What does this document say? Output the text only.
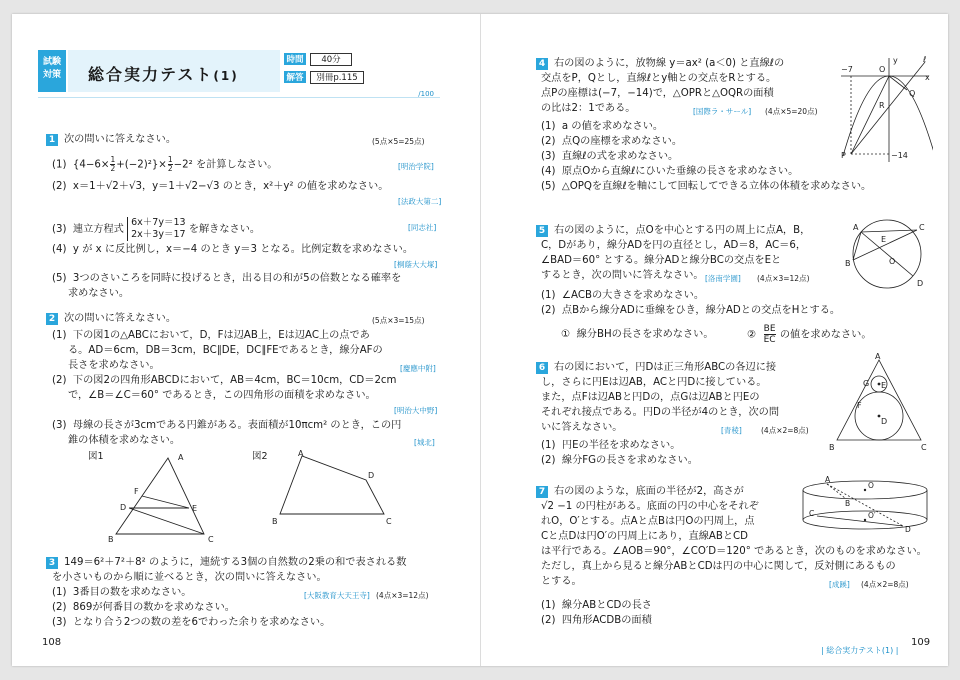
試験
対策	総合実力テスト(1)
時間 40分
解答 別冊p.115
/100
1 次の問いに答えなさい。	(5点×5=25点)
(1) $\{4-6\times \frac{1}{2} +(-2)^2\}\times \frac{1}{2} -2^2$ を計算しなさい。	[明治学院]
(2) x＝1＋√2＋√3，y＝1＋√2−√3 のとき，x²＋y² の値を求めなさい。
[法政大第二]
(3) 連立方程式
6x＋7y＝13
2x＋3y＝17 を解きなさい。	[同志社]
(4) y が x に反比例し，x＝−4 のとき y＝3 となる。比例定数を求めなさい。
[桐蔭大大塚]
(5) 3つのさいころを同時に投げるとき，出る目の和が5の倍数となる確率を
求めなさい。
2 次の問いに答えなさい。	(5点×3=15点)
(1) 下の図1の△ABCにおいて，D，Fは辺AB上，Eは辺AC上の点であ
る。AD＝6cm，DB＝3cm，BC∥DE，DC∥FEであるとき，線分AFの
長さを求めなさい。	[慶應中附]
(2) 下の図2の四角形ABCDにおいて，AB＝4cm，BC＝10cm，CD＝2cm
で，∠B＝∠C＝60° であるとき，この四角形の面積を求めなさい。
[明治大中野]
(3) 母線の長さが3cmである円錐がある。表面積が10πcm² のとき，この円
錐の体積を求めなさい。	[城北]
図1	A
B	C
D	E
F
図2	A
B	C
D
3 149＝6²＋7²＋8² のように，連続する3個の自然数の2乗の和で表される数
を小さいものから順に並べるとき，次の問いに答えなさい。
(1) 3番目の数を求めなさい。	[大阪教育大天王寺] (4点×3=12点)
(2) 869が何番目の数かを求めなさい。
(3) となり合う2つの数の差を6でわった余りを求めなさい。
108
4 右の図のように，放物線 y＝ax² (a＜0) と直線ℓの
交点をP，Qとし，直線ℓとy軸との交点をRとする。
点Pの座標は(−7，−14)で，△OPRと△OQRの面積
の比は2：1である。	[国際ラ・サール] (4点×5=20点)
(1) a の値を求めなさい。
(2) 点Qの座標を求めなさい。
(3) 直線ℓの式を求めなさい。
(4) 原点Oから直線ℓにひいた垂線の長さを求めなさい。
(5) △OPQを直線ℓを軸にして回転してできる立体の体積を求めなさい。
−7	O
y	ℓ
x
R
Q
P	−14
5 右の図のように，点Oを中心とする円の周上に点A，B，
C，Dがあり，線分ADを円の直径とし，AD＝8，AC＝6，
∠BAD＝60° とする。線分ADと線分BCの交点をEと
するとき，次の問いに答えなさい。 [洛南学園] (4点×3=12点)
(1) ∠ACBの大きさを求めなさい。
(2) 点Bから線分ADに垂線をひき，線分ADとの交点をHとする。
① 線分BHの長さを求めなさい。	② $\frac{BE}{EC}$ の値を求めなさい。
A
B
C
D
E
O
6 右の図において，円Dは正三角形ABCの各辺に接
し，さらに円Eは辺AB，ACと円Dに接している。
また，点Fは辺ABと円Dの，点Gは辺ABと円Eの
それぞれ接点である。円Dの半径が4のとき，次の問
いに答えなさい。	[青稜]	(4点×2=8点)
(1) 円Eの半径を求めなさい。
(2) 線分FGの長さを求めなさい。
A
B	C
D
E
F
G
7 右の図のような，底面の半径が2，高さが
√2 −1 の円柱がある。底面の円の中心をそれぞ
れO，O′とする。点Aと点Bは円Oの円周上，点
Cと点Dは円O′の円周上にあり，直線ABとCD
は平行である。∠AOB＝90°，∠CO′D＝120° であるとき，次のものを求めなさい。
ただし，真上から見ると線分ABとCDは円の中心に関して，反対側にあるもの
とする。	[成蹊] (4点×2=8点)
(1) 線分ABとCDの長さ
(2) 四角形ACDBの面積
A
B
C
D
O
O′
| 総合実力テスト(1) |
109
